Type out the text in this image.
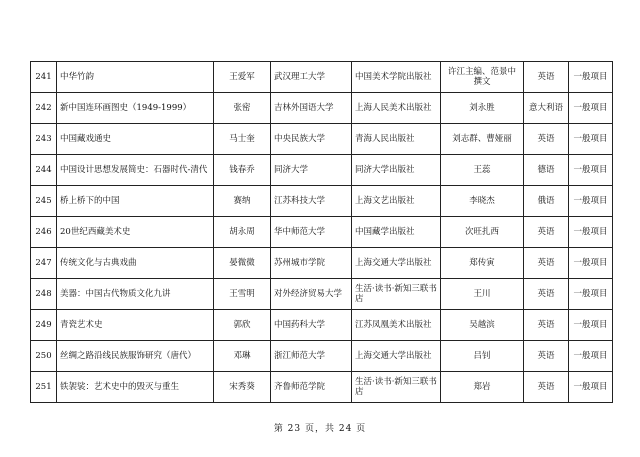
241	中华竹韵	王爱军	武汉理工大学	中国美术学院出版社	许江主编、范景中撰文	英语	一般项目
242	新中国连环画图史（1949-1999）	张密	吉林外国语大学	上海人民美术出版社	刘永胜	意大利语	一般项目
243	中国藏戏通史	马士奎	中央民族大学	青海人民出版社	刘志群、曹娅丽	英语	一般项目
244	中国设计思想发展简史：石器时代-清代	钱春乔	同济大学	同济大学出版社	王蕊	德语	一般项目
245	桥上桥下的中国	赛纳	江苏科技大学	上海文艺出版社	李晓杰	俄语	一般项目
246	20世纪西藏美术史	胡永周	华中师范大学	中国藏学出版社	次旺扎西	英语	一般项目
247	传统文化与古典戏曲	晏微微	苏州城市学院	上海交通大学出版社	郑传寅	英语	一般项目
248	美器：中国古代物质文化九讲	王雪明	对外经济贸易大学	生活·读书·新知三联书店	王川	英语	一般项目
249	青瓷艺术史	郭欣	中国药科大学	江苏凤凰美术出版社	吴越滨	英语	一般项目
250	丝绸之路沿线民族服饰研究（唐代）	邓琳	浙江师范大学	上海交通大学出版社	吕钊	英语	一般项目
251	铁袈裟：艺术史中的毁灭与重生	宋秀葵	齐鲁师范学院	生活·读书·新知三联书店	郑岩	英语	一般项目
第 23 页，共 24 页
